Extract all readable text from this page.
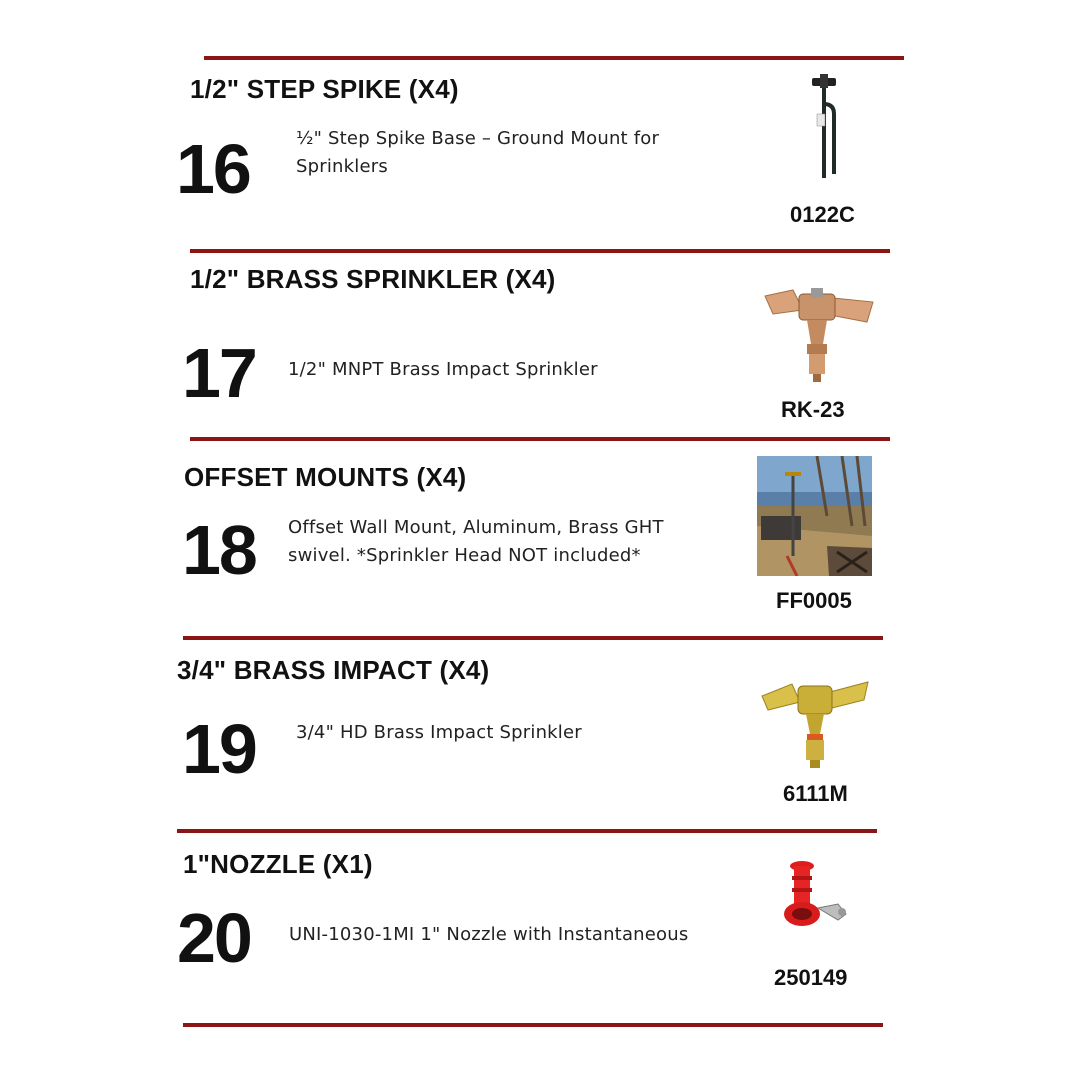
1/2" STEP SPIKE (X4)
16	½" Step Spike Base – Ground Mount for Sprinklers
0122C
1/2" BRASS SPRINKLER (X4)
17 1/2" MNPT Brass Impact Sprinkler
RK-23
OFFSET MOUNTS (X4)
18 Offset Wall Mount, Aluminum, Brass GHT swivel. *Sprinkler Head NOT included*
FF0005
3/4" BRASS IMPACT (X4)
19 3/4" HD Brass Impact Sprinkler
6111M
1"NOZZLE (X1)
20 UNI-1030-1MI 1" Nozzle with Instantaneous
250149
